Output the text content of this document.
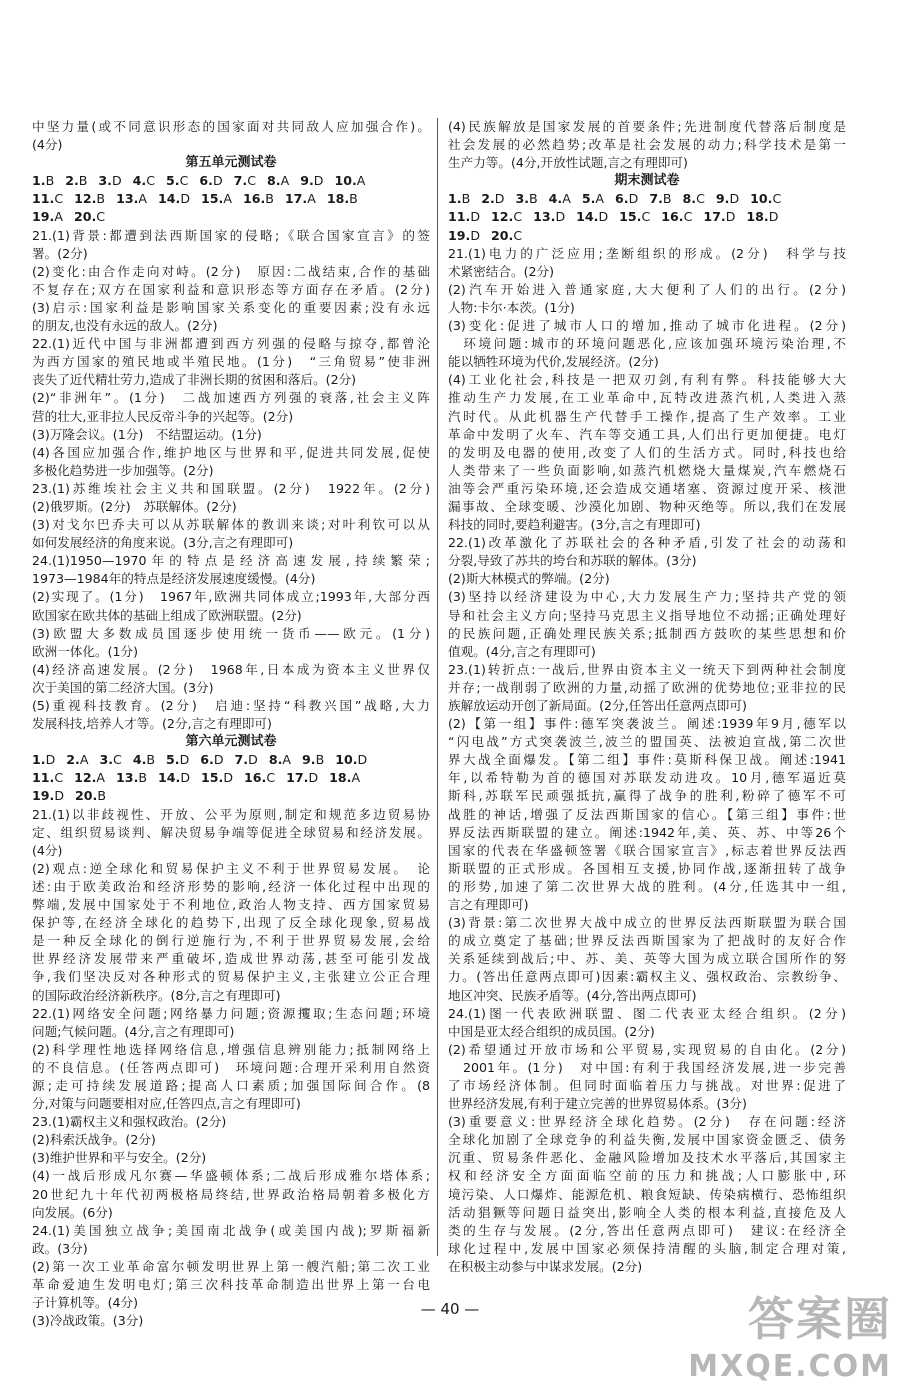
中坚力量(或不同意识形态的国家面对共同敌人应加强合作)。
(4分)
第五单元测试卷
1.B 2.B 3.D 4.C 5.C 6.D 7.C 8.A 9.D 10.A
11.C 12.B 13.A 14.D 15.A 16.B 17.A 18.B
19.A 20.C
21.(1)背景:都遭到法西斯国家的侵略;《联合国家宣言》的签
署。(2分)
(2)变化:由合作走向对峙。(2分)　原因:二战结束,合作的基础
不复存在;双方在国家利益和意识形态等方面存在矛盾。(2分)
(3)启示:国家利益是影响国家关系变化的重要因素;没有永远
的朋友,也没有永远的敌人。(2分)
22.(1)近代中国与非洲都遭到西方列强的侵略与掠夺,都曾沦
为西方国家的殖民地或半殖民地。(1分)　“三角贸易”使非洲
丧失了近代精壮劳力,造成了非洲长期的贫困和落后。(2分)
(2)“非洲年”。(1分)　二战加速西方列强的衰落,社会主义阵
营的壮大,亚非拉人民反帝斗争的兴起等。(2分)
(3)万隆会议。(1分)　不结盟运动。(1分)
(4)各国应加强合作,维护地区与世界和平,促进共同发展,促使
多极化趋势进一步加强等。(2分)
23.(1)苏维埃社会主义共和国联盟。(2分)　1922年。(2分)
(2)俄罗斯。(2分)　苏联解体。(2分)
(3)对戈尔巴乔夫可以从苏联解体的教训来谈;对叶利钦可以从
如何发展经济的角度来说。(3分,言之有理即可)
24.(1)1950—1970年的特点是经济高速发展,持续繁荣;
1973—1984年的特点是经济发展速度缓慢。(4分)
(2)实现了。(1分)　1967年,欧洲共同体成立;1993年,大部分西
欧国家在欧共体的基础上组成了欧洲联盟。(2分)
(3)欧盟大多数成员国逐步使用统一货币——欧元。(1分)
欧洲一体化。(1分)
(4)经济高速发展。(2分)　1968年,日本成为资本主义世界仅
次于美国的第二经济大国。(3分)
(5)重视科技教育。(2分)　启迪:坚持“科教兴国”战略,大力
发展科技,培养人才等。(2分,言之有理即可)
第六单元测试卷
1.D 2.A 3.C 4.B 5.D 6.D 7.D 8.A 9.B 10.D
11.C 12.A 13.B 14.D 15.D 16.C 17.D 18.A
19.D 20.B
21.(1)以非歧视性、开放、公平为原则,制定和规范多边贸易协
定、组织贸易谈判、解决贸易争端等促进全球贸易和经济发展。
(4分)
(2)观点:逆全球化和贸易保护主义不利于世界贸易发展。　论
述:由于欧美政治和经济形势的影响,经济一体化过程中出现的
弊端,发展中国家处于不利地位,政治人物支持、西方国家贸易
保护等,在经济全球化的趋势下,出现了反全球化现象,贸易战
是一种反全球化的倒行逆施行为,不利于世界贸易发展,会给
世界经济发展带来严重破坏,造成世界动荡,甚至可能引发战
争,我们坚决反对各种形式的贸易保护主义,主张建立公正合理
的国际政治经济新秩序。(8分,言之有理即可)
22.(1)网络安全问题;网络暴力问题;资源攫取;生态问题;环境
问题;气候问题。(4分,言之有理即可)
(2)科学理性地选择网络信息,增强信息辨别能力;抵制网络上
的不良信息。(任答两点即可)　环境问题:合理开采利用自然资
源;走可持续发展道路;提高人口素质;加强国际间合作。(8
分,对策与问题要相对应,任答四点,言之有理即可)
23.(1)霸权主义和强权政治。(2分)
(2)科索沃战争。(2分)
(3)维护世界和平与安全。(2分)
(4)一战后形成凡尔赛—华盛顿体系;二战后形成雅尔塔体系;
20世纪九十年代初两极格局终结,世界政治格局朝着多极化方
向发展。(6分)
24.(1)美国独立战争;美国南北战争(或美国内战);罗斯福新
政。(3分)
(2)第一次工业革命富尔顿发明世界上第一艘汽船;第二次工业
革命爱迪生发明电灯;第三次科技革命制造出世界上第一台电
子计算机等。(4分)
(3)冷战政策。(3分)
(4)民族解放是国家发展的首要条件;先进制度代替落后制度是
社会发展的必然趋势;改革是社会发展的动力;科学技术是第一
生产力等。(4分,开放性试题,言之有理即可)
期末测试卷
1.B 2.D 3.B 4.A 5.A 6.D 7.B 8.C 9.D 10.C
11.D 12.C 13.D 14.D 15.C 16.C 17.D 18.D
19.D 20.C
21.(1)电力的广泛应用;垄断组织的形成。(2分)　科学与技
术紧密结合。(2分)
(2)汽车开始进入普通家庭,大大便利了人们的出行。(2分)
人物:卡尔·本茨。(1分)
(3)变化:促进了城市人口的增加,推动了城市化进程。(2分)
　环境问题:城市的环境问题恶化,应该加强环境污染治理,不
能以牺牲环境为代价,发展经济。(2分)
(4)工业化社会,科技是一把双刃剑,有利有弊。科技能够大大
推动生产力发展,在工业革命中,瓦特改进蒸汽机,人类进入蒸
汽时代。从此机器生产代替手工操作,提高了生产效率。工业
革命中发明了火车、汽车等交通工具,人们出行更加便捷。电灯
的发明及电器的使用,改变了人们的生活方式。同时,科技也给
人类带来了一些负面影响,如蒸汽机燃烧大量煤炭,汽车燃烧石
油等会严重污染环境,还会造成交通堵塞、资源过度开采、核泄
漏事故、全球变暖、沙漠化加剧、物种灭绝等。所以,我们在发展
科技的同时,要趋利避害。(3分,言之有理即可)
22.(1)改革激化了苏联社会的各种矛盾,引发了社会的动荡和
分裂,导致了苏共的垮台和苏联的解体。(3分)
(2)斯大林模式的弊端。(2分)
(3)坚持以经济建设为中心,大力发展生产力;坚持共产党的领
导和社会主义方向;坚持马克思主义指导地位不动摇;正确处理好
的民族问题,正确处理民族关系;抵制西方鼓吹的某些思想和价
值观。(4分,言之有理即可)
23.(1)转折点:一战后,世界由资本主义一统天下到两种社会制度
并存;一战削弱了欧洲的力量,动摇了欧洲的优势地位;亚非拉的民
族解放运动开创了新局面。(2分,任答出任意两点即可)
(2)【第一组】事件:德军突袭波兰。阐述:1939年9月,德军以
“闪电战”方式突袭波兰,波兰的盟国英、法被迫宣战,第二次世
界大战全面爆发。【第二组】事件:莫斯科保卫战。阐述:1941
年,以希特勒为首的德国对苏联发动进攻。10月,德军逼近莫
斯科,苏联军民顽强抵抗,赢得了战争的胜利,粉碎了德军不可
战胜的神话,增强了反法西斯国家的信心。【第三组】事件:世
界反法西斯联盟的建立。阐述:1942年,美、英、苏、中等26个
国家的代表在华盛顿签署《联合国家宣言》,标志着世界反法西
斯联盟的正式形成。各国相互支援,协同作战,逐渐扭转了战争
的形势,加速了第二次世界大战的胜利。(4分,任选其中一组,
言之有理即可)
(3)背景:第二次世界大战中成立的世界反法西斯联盟为联合国
的成立奠定了基础;世界反法西斯国家为了把战时的友好合作
关系延续到战后;中、苏、美、英等大国为成立联合国所作的努
力。(答出任意两点即可)因素:霸权主义、强权政治、宗教纷争、
地区冲突、民族矛盾等。(4分,答出两点即可)
24.(1)图一代表欧洲联盟、图二代表亚太经合组织。(2分)
中国是亚太经合组织的成员国。(2分)
(2)希望通过开放市场和公平贸易,实现贸易的自由化。(2分)
　2001年。(1分)　对中国:有利于我国经济发展,进一步完善
了市场经济体制。但同时面临着压力与挑战。对世界:促进了
世界经济发展,有利于建立完善的世界贸易体系。(3分)
(3)重要意义:世界经济全球化趋势。(2分)　存在问题:经济
全球化加剧了全球竞争的利益失衡,发展中国家资金匮乏、债务
沉重、贸易条件恶化、金融风险增加及技术水平落后,其国家主
权和经济安全方面面临空前的压力和挑战;人口膨胀中,环
境污染、人口爆炸、能源危机、粮食短缺、传染病横行、恐怖组织
活动猖獗等问题日益突出,影响全人类的根本利益,直接危及人
类的生存与发展。(2分,答出任意两点即可)　建议:在经济全
球化过程中,发展中国家必须保持清醒的头脑,制定合理对策,
在积极主动参与中谋求发展。(2分)
— 40 —	答案圈
MXQE.COM
